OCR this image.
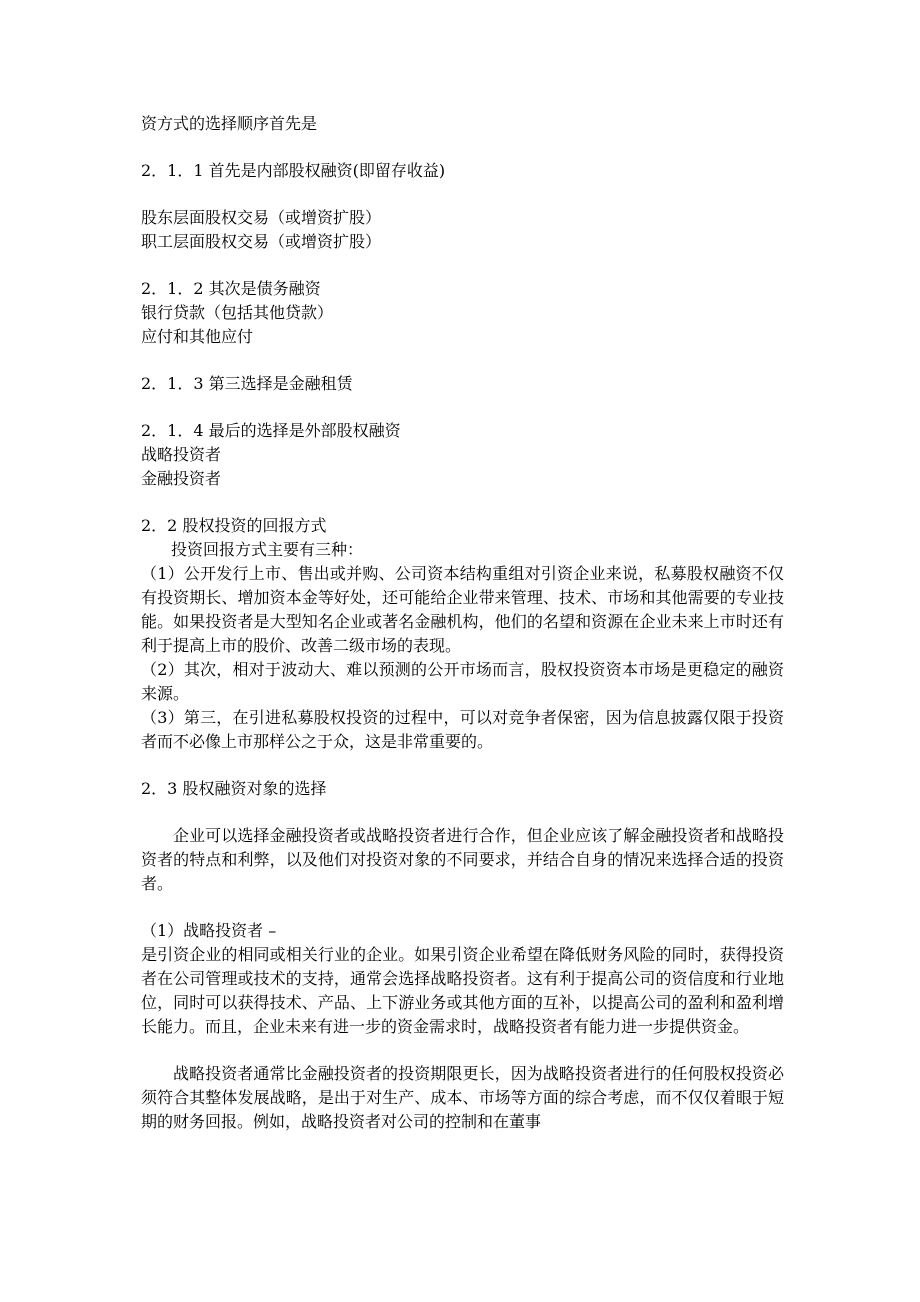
资方式的选择顺序首先是
2．1．1 首先是内部股权融资(即留存收益)
股东层面股权交易（或增资扩股）
职工层面股权交易（或增资扩股）
2．1．2 其次是债务融资
银行贷款（包括其他贷款）
应付和其他应付
2．1．3 第三选择是金融租赁
2．1．4 最后的选择是外部股权融资
战略投资者
金融投资者
2．2 股权投资的回报方式
投资回报方式主要有三种：
（1）公开发行上市、售出或并购、公司资本结构重组对引资企业来说，私募股权融资不仅有投资期长、增加资本金等好处，还可能给企业带来管理、技术、市场和其他需要的专业技能。如果投资者是大型知名企业或著名金融机构，他们的名望和资源在企业未来上市时还有利于提高上市的股价、改善二级市场的表现。
（2）其次，相对于波动大、难以预测的公开市场而言，股权投资资本市场是更稳定的融资来源。
（3）第三，在引进私募股权投资的过程中，可以对竞争者保密，因为信息披露仅限于投资者而不必像上市那样公之于众，这是非常重要的。
2．3 股权融资对象的选择
企业可以选择金融投资者或战略投资者进行合作，但企业应该了解金融投资者和战略投资者的特点和利弊，以及他们对投资对象的不同要求，并结合自身的情况来选择合适的投资者。
（1）战略投资者 –
是引资企业的相同或相关行业的企业。如果引资企业希望在降低财务风险的同时，获得投资者在公司管理或技术的支持，通常会选择战略投资者。这有利于提高公司的资信度和行业地位，同时可以获得技术、产品、上下游业务或其他方面的互补，以提高公司的盈利和盈利增长能力。而且，企业未来有进一步的资金需求时，战略投资者有能力进一步提供资金。
战略投资者通常比金融投资者的投资期限更长，因为战略投资者进行的任何股权投资必须符合其整体发展战略，是出于对生产、成本、市场等方面的综合考虑，而不仅仅着眼于短期的财务回报。例如，战略投资者对公司的控制和在董事
